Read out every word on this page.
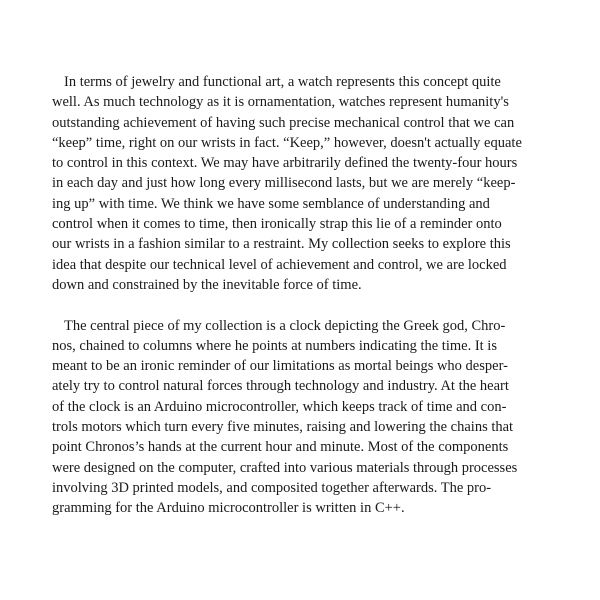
In terms of jewelry and functional art, a watch represents this concept quite
well. As much technology as it is ornamentation, watches represent humanity's
outstanding achievement of having such precise mechanical control that we can
“keep” time, right on our wrists in fact. “Keep,” however, doesn't actually equate
to control in this context. We may have arbitrarily defined the twenty-four hours
in each day and just how long every millisecond lasts, but we are merely “keep-
ing up” with time. We think we have some semblance of understanding and
control when it comes to time, then ironically strap this lie of a reminder onto
our wrists in a fashion similar to a restraint. My collection seeks to explore this
idea that despite our technical level of achievement and control, we are locked
down and constrained by the inevitable force of time.

The central piece of my collection is a clock depicting the Greek god, Chro-
nos, chained to columns where he points at numbers indicating the time. It is
meant to be an ironic reminder of our limitations as mortal beings who desper-
ately try to control natural forces through technology and industry. At the heart
of the clock is an Arduino microcontroller, which keeps track of time and con-
trols motors which turn every five minutes, raising and lowering the chains that
point Chronos’s hands at the current hour and minute. Most of the components
were designed on the computer, crafted into various materials through processes
involving 3D printed models, and composited together afterwards. The pro-
gramming for the Arduino microcontroller is written in C++.
